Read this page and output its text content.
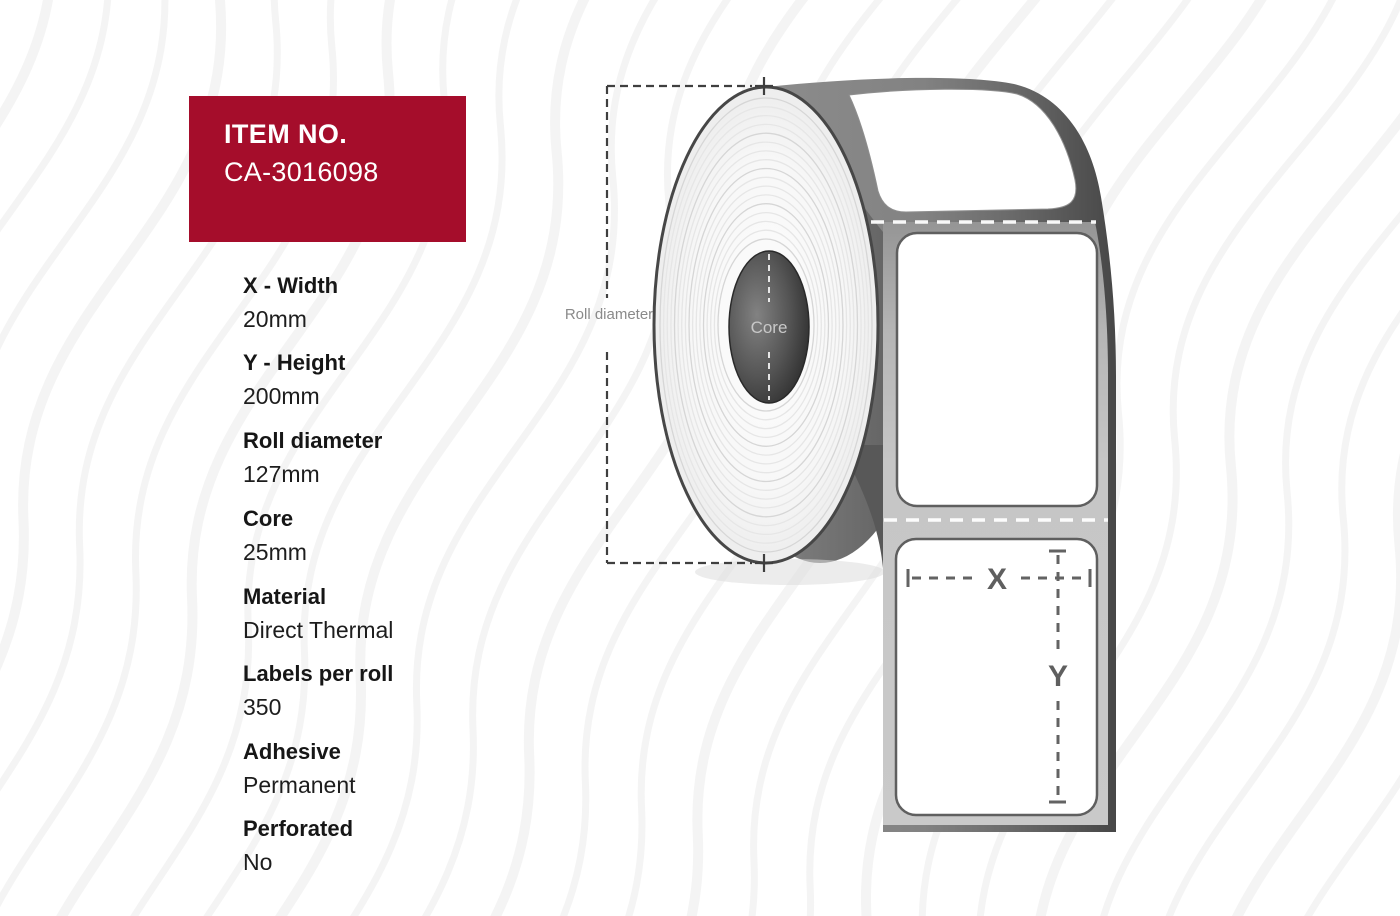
Core
X
Y
ITEM NO.
CA-3016098
X - Width
20mm
Y - Height
200mm
Roll diameter
127mm
Core
25mm
Material
Direct Thermal
Labels per roll
350
Adhesive
Permanent
Perforated
No
Roll diameter
